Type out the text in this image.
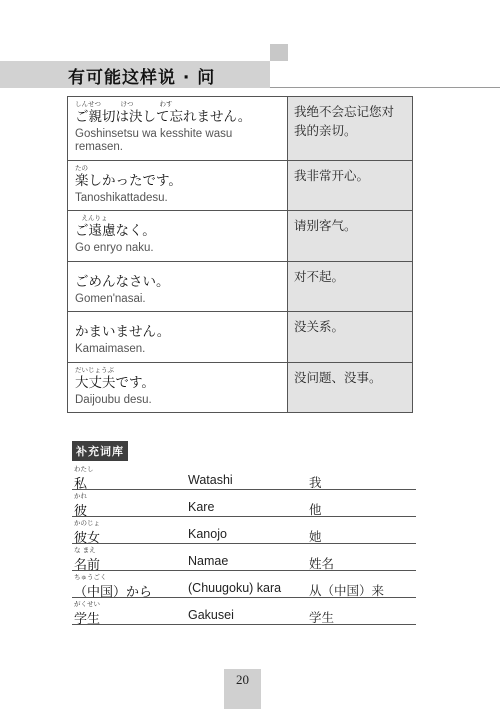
有可能这样说 · 问
しんせつ　　　けつ　　　　わす
ご親切は決して忘れません。
Goshinsetsu wa kesshite wasu remasen.
我绝不会忘记您对我的亲切。
たの
楽しかったです。
Tanoshikattadesu.
我非常开心。
　えんりょ
ご遠慮なく。
Go enryo naku.
请别客气。
ごめんなさい。
Gomen'nasai.
对不起。
かまいません。
Kamaimasen.
没关系。
だいじょうぶ
大丈夫です。
Daijoubu desu.
没问题、没事。
补充词库
わたし
私	Watashi	我
かれ
彼	Kare	他
かのじょ
彼女	Kanojo	她
な まえ
名前	Namae	姓名
ちゅうごく
（中国）から	(Chuugoku) kara 从（中国）来
がくせい
学生	Gakusei	学生
20
